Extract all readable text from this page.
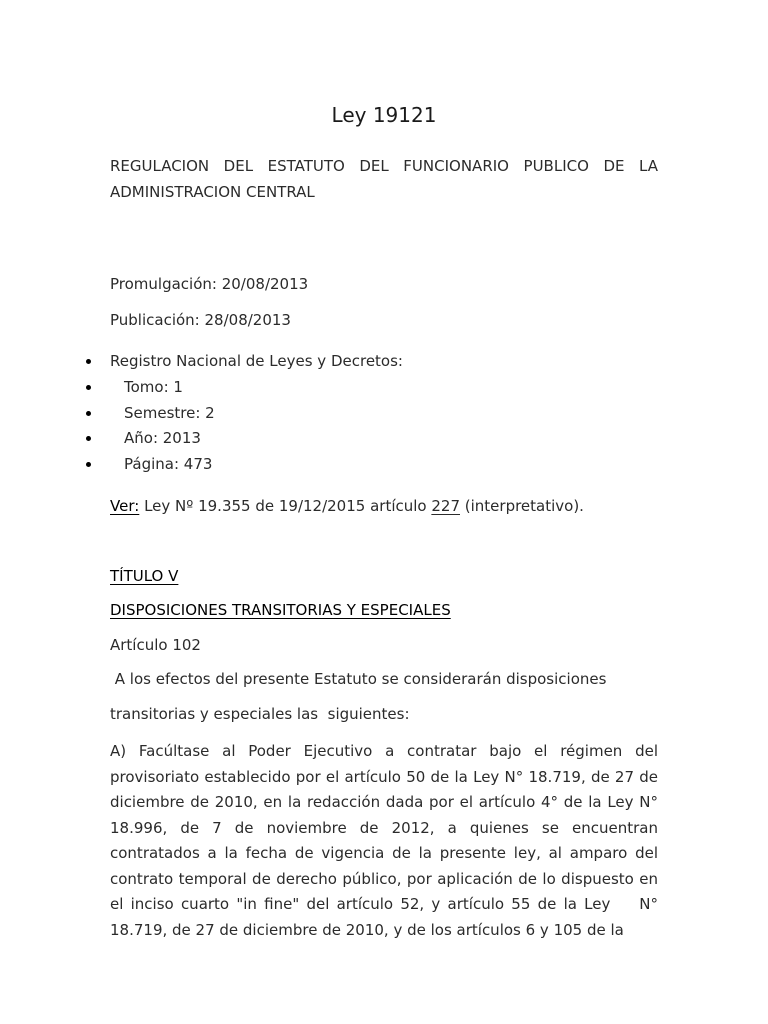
Ley 19121
REGULACION DEL ESTATUTO DEL FUNCIONARIO PUBLICO DE LA ADMINISTRACION CENTRAL
Promulgación: 20/08/2013
Publicación: 28/08/2013
Registro Nacional de Leyes y Decretos:
Tomo: 1
Semestre: 2
Año: 2013
Página: 473
Ver: Ley Nº 19.355 de 19/12/2015 artículo 227 (interpretativo).
TÍTULO V
DISPOSICIONES TRANSITORIAS Y ESPECIALES
Artículo 102
A los efectos del presente Estatuto se considerarán disposiciones
transitorias y especiales las  siguientes:

A) Facúltase al Poder Ejecutivo a contratar bajo el régimen del provisoriato establecido por el artículo 50 de la Ley N° 18.719, de 27 de diciembre de 2010, en la redacción dada por el artículo 4° de la Ley N° 18.996, de 7 de noviembre de 2012, a quienes se encuentran contratados a la fecha de vigencia de la presente ley, al amparo del contrato temporal de derecho público, por aplicación de lo dispuesto en el inciso cuarto "in fine" del artículo 52, y artículo 55 de la Ley    N° 18.719, de 27 de diciembre de 2010, y de los artículos 6 y 105 de la
